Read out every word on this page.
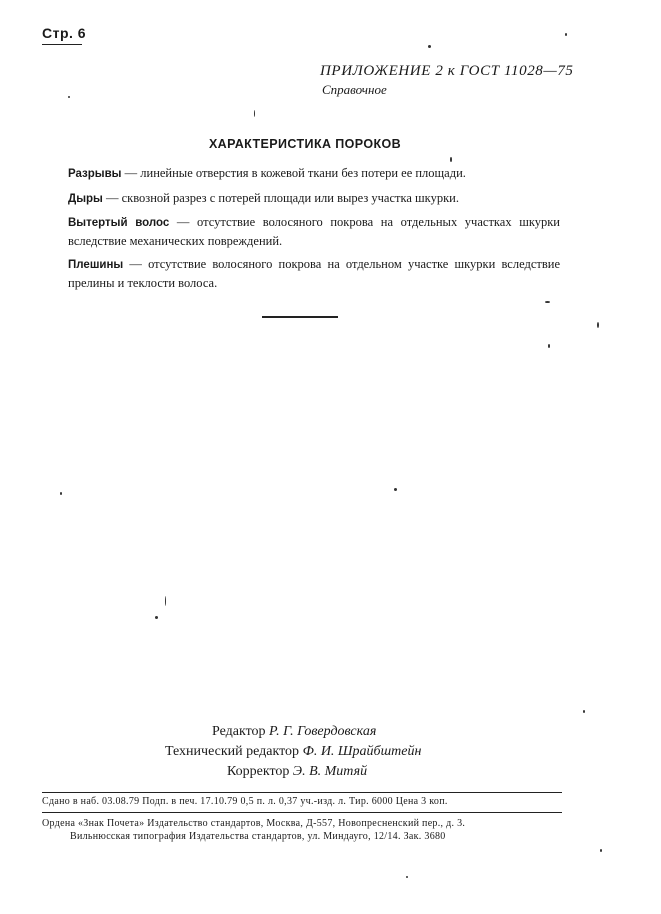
Стр. 6
ПРИЛОЖЕНИЕ 2 к ГОСТ 11028—75
Справочное
ХАРАКТЕРИСТИКА ПОРОКОВ

Разрывы — линейные отверстия в кожевой ткани без потери ее площади.

Дыры — сквозной разрез с потерей площади или вырез участка шкурки.

Вытертый волос — отсутствие волосяного покрова на отдельных участках шкурки вследствие механических повреждений.

Плешины — отсутствие волосяного покрова на отдельном участке шкурки вследствие прелины и теклости волоса.

Редактор Р. Г. Говердовская
Технический редактор Ф. И. Шрайбштейн
Корректор Э. В. Митяй
Сдано в наб. 03.08.79 Подп. в печ. 17.10.79 0,5 п. л. 0,37 уч.-изд. л. Тир. 6000 Цена 3 коп.
Ордена «Знак Почета» Издательство стандартов, Москва, Д-557, Новопресненский пер., д. 3.
Вильнюсская типография Издательства стандартов, ул. Миндауго, 12/14. Зак. 3680
